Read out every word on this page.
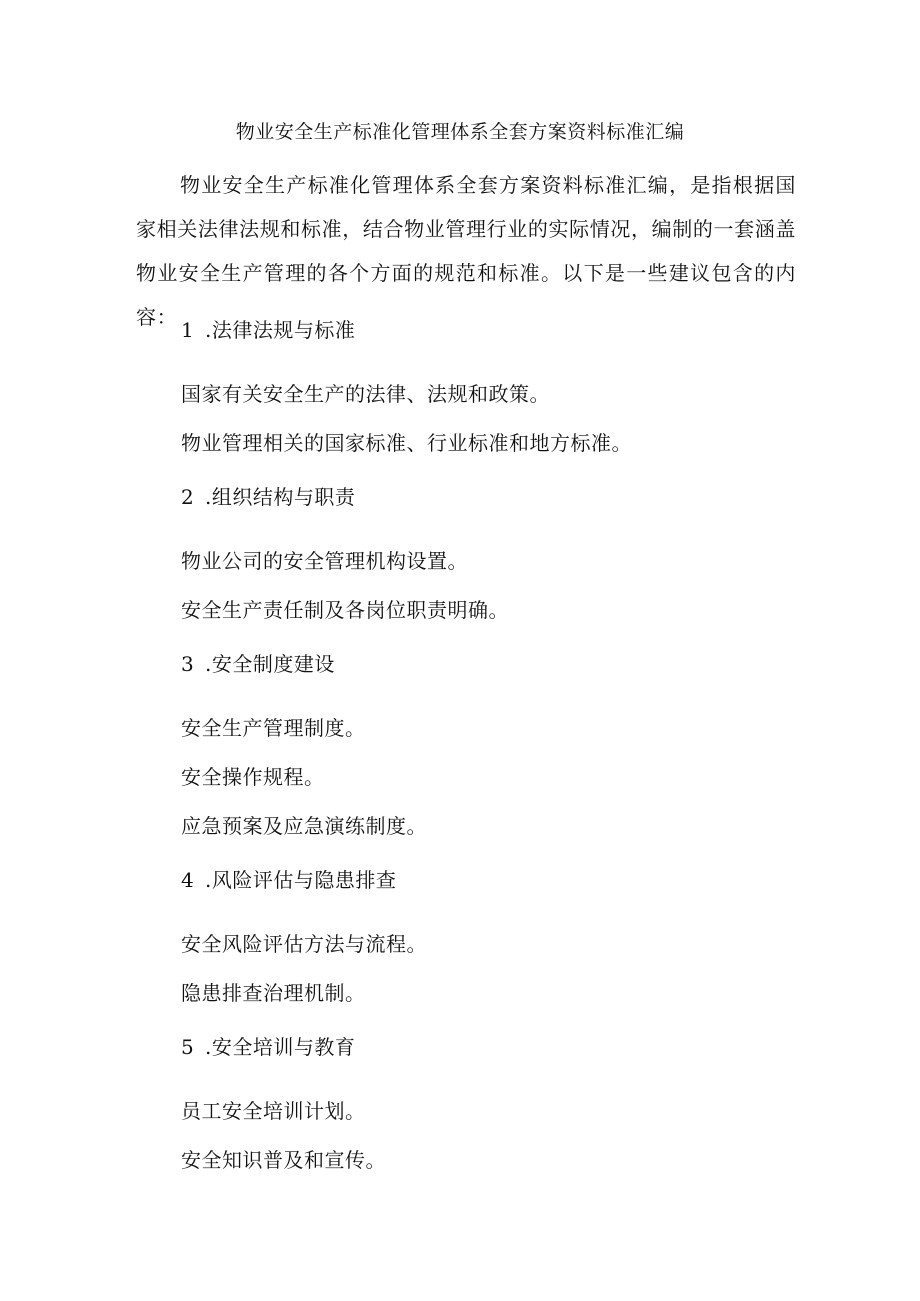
物业安全生产标准化管理体系全套方案资料标准汇编

物业安全生产标准化管理体系全套方案资料标准汇编，是指根据国家相关法律法规和标准，结合物业管理行业的实际情况，编制的一套涵盖物业安全生产管理的各个方面的规范和标准。以下是一些建议包含的内容：

1 .法律法规与标准
国家有关安全生产的法律、法规和政策。
物业管理相关的国家标准、行业标准和地方标准。
2 .组织结构与职责
物业公司的安全管理机构设置。
安全生产责任制及各岗位职责明确。
3 .安全制度建设
安全生产管理制度。
安全操作规程。
应急预案及应急演练制度。
4 .风险评估与隐患排查
安全风险评估方法与流程。
隐患排查治理机制。
5 .安全培训与教育
员工安全培训计划。
安全知识普及和宣传。
